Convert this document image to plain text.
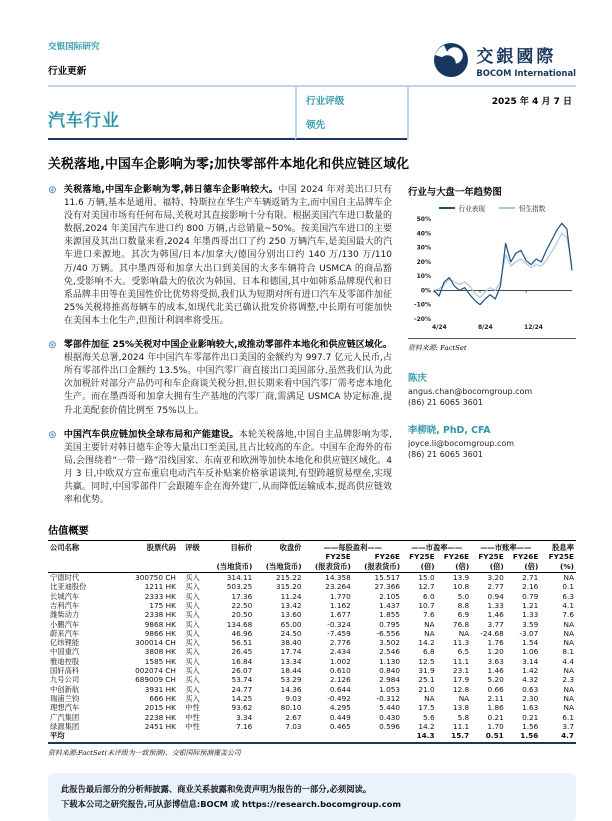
交银国际研究
行业更新
交銀國際
BOCOM International
汽车行业
行业评级
领先
2025 年 4 月 7 日
关税落地,中国车企影响为零;加快零部件本地化和供应链区域化
⊛ 关税落地,中国车企影响为零,韩日德车企影响较大。中国 2024 年对美出口只有 11.6 万辆,基本是通用、福特、特斯拉在华生产车辆返销为主,而中国自主品牌车企没有对美国市场有任何布局,关税对其直接影响十分有限。根据美国汽车进口数量的数据,2024 年美国汽车进口约 800 万辆,占总销量~50%。按美国汽车进口的主要来源国及其出口数量来看,2024 年墨西哥出口了约 250 万辆汽车,是美国最大的汽车进口来源地。其次为韩国/日本/加拿大/德国分别出口约 140 万/130 万/110 万/40 万辆。其中墨西哥和加拿大出口到美国的大多车辆符合 USMCA 的商品豁免,受影响不大。受影响最大的依次为韩国、日本和德国,其中如韩系品牌现代和日系品牌丰田等在美国性价比优势将受损,我们认为短期对所有进口汽车及零部件加征 25%关税将推高每辆车的成本,如现代北美已确认批发价将调整,中长期有可能加快在美国本土化生产,但预计利润率将受压。

⊛ 零部件加征 25%关税对中国企业影响较大,或推动零部件本地化和供应链区域化。根据海关总署,2024 年中国汽车零部件出口美国的金额约为 997.7 亿元人民币,占所有零部件出口金额约 13.5%。中国汽零厂商直接出口美国部分,虽然我们认为此次加税针对部分产品仍可和车企商谈关税分担,但长期来看中国汽零厂需考虑本地化生产。而在墨西哥和加拿大拥有生产基地的汽零厂商,需满足 USMCA 协定标准,提升北美配套价值比例至 75%以上。

⊛ 中国汽车供应链加快全球布局和产能建设。本轮关税落地,中国自主品牌影响为零,美国主要针对韩日德车企等大量出口至美国,且占比较高的车企。中国车企海外的布局,会围绕着“一带一路”沿线国家、东南亚和欧洲等加快本地化和供应链区域化。4 月 3 日,中欧双方宣布重启电动汽车反补贴案价格承诺谈判,有望跨越贸易壁垒,实现共赢。同时,中国零部件厂会跟随车企在海外建厂,从而降低运输成本,提高供应链效率和优势。

行业与大盘一年趋势图
行业表现	恒生指数
50%
40%
30%
20%
10%
0%
-10%
-20%
4/24	8/24	12/24
资料来源: FactSet
陈庆
angus.chan@bocomgroup.com
(86) 21 6065 3601
李柳晓, PhD, CFA
joyce.li@bocomgroup.com
(86) 21 6065 3601
估值概要
公司名称	股票代码	评级	目标价	收盘价	——每股盈利——		——市盈率——		——市账率——		股息率
					FY25E	FY26E	FY25E	FY26E	FY25E	FY26E	FY25E
			(当地货币)	(当地货币)	(报表货币)	(报表货币)	(倍)	(倍)	(倍)	(倍)	(%)
宁德时代	300750 CH	买入	314.11	215.22	14.358	15.517	15.0	13.9	3.20	2.71	NA
比亚迪股份	1211 HK	买入	503.25	315.20	23.264	27.366	12.7	10.8	2.77	2.16	0.1
长城汽车	2333 HK	买入	17.36	11.24	1.770	2.105	6.0	5.0	0.94	0.79	6.3
吉利汽车	175 HK	买入	22.50	13.42	1.162	1.437	10.7	8.8	1.33	1.21	4.1
潍柴动力	2338 HK	买入	20.50	13.60	1.677	1.855	7.6	6.9	1.46	1.33	7.6
小鹏汽车	9868 HK	买入	134.68	65.00	-0.324	0.795	NA	76.8	3.77	3.59	NA
蔚来汽车	9866 HK	买入	46.96	24.50	-7.459	-6.556	NA	NA	-24.68	-3.07	NA
亿纬锂能	300014 CH	买入	56.51	38.40	2.776	3.502	14.2	11.3	1.76	1.54	NA
中国重汽	3808 HK	买入	26.45	17.74	2.434	2.546	6.8	6.5	1.20	1.06	8.1
雅迪控股	1585 HK	买入	16.84	13.34	1.002	1.130	12.5	11.1	3.63	3.14	4.4
国轩高科	002074 CH	买入	26.07	18.44	0.610	0.840	31.9	23.1	1.46	1.42	NA
九号公司	689009 CH	买入	53.74	53.29	2.126	2.984	25.1	17.9	5.20	4.32	2.3
中创新航	3931 HK	买入	24.77	14.36	0.644	1.053	21.0	12.8	0.66	0.63	NA
瑞浦兰钧	666 HK	买入	14.25	9.03	-0.492	-0.312	NA	NA	2.11	2.30	NA
理想汽车	2015 HK	中性	93.62	80.10	4.295	5.440	17.5	13.8	1.86	1.63	NA
广汽集团	2238 HK	中性	3.34	2.67	0.449	0.430	5.6	5.8	0.21	0.21	6.1
绿源集团	2451 HK	中性	7.16	7.03	0.465	0.596	14.2	11.1	1.70	1.56	3.7
平均							14.3	15.7	0.51	1.56	4.7
资料来源:FactSet(未评级为一致预测)、交银国际预测覆盖公司

此报告最后部分的分析师披露、商业关系披露和免责声明为报告的一部分,必须阅读。

下载本公司之研究报告,可从彭博信息:BOCM 或 https://research.bocomgroup.com
